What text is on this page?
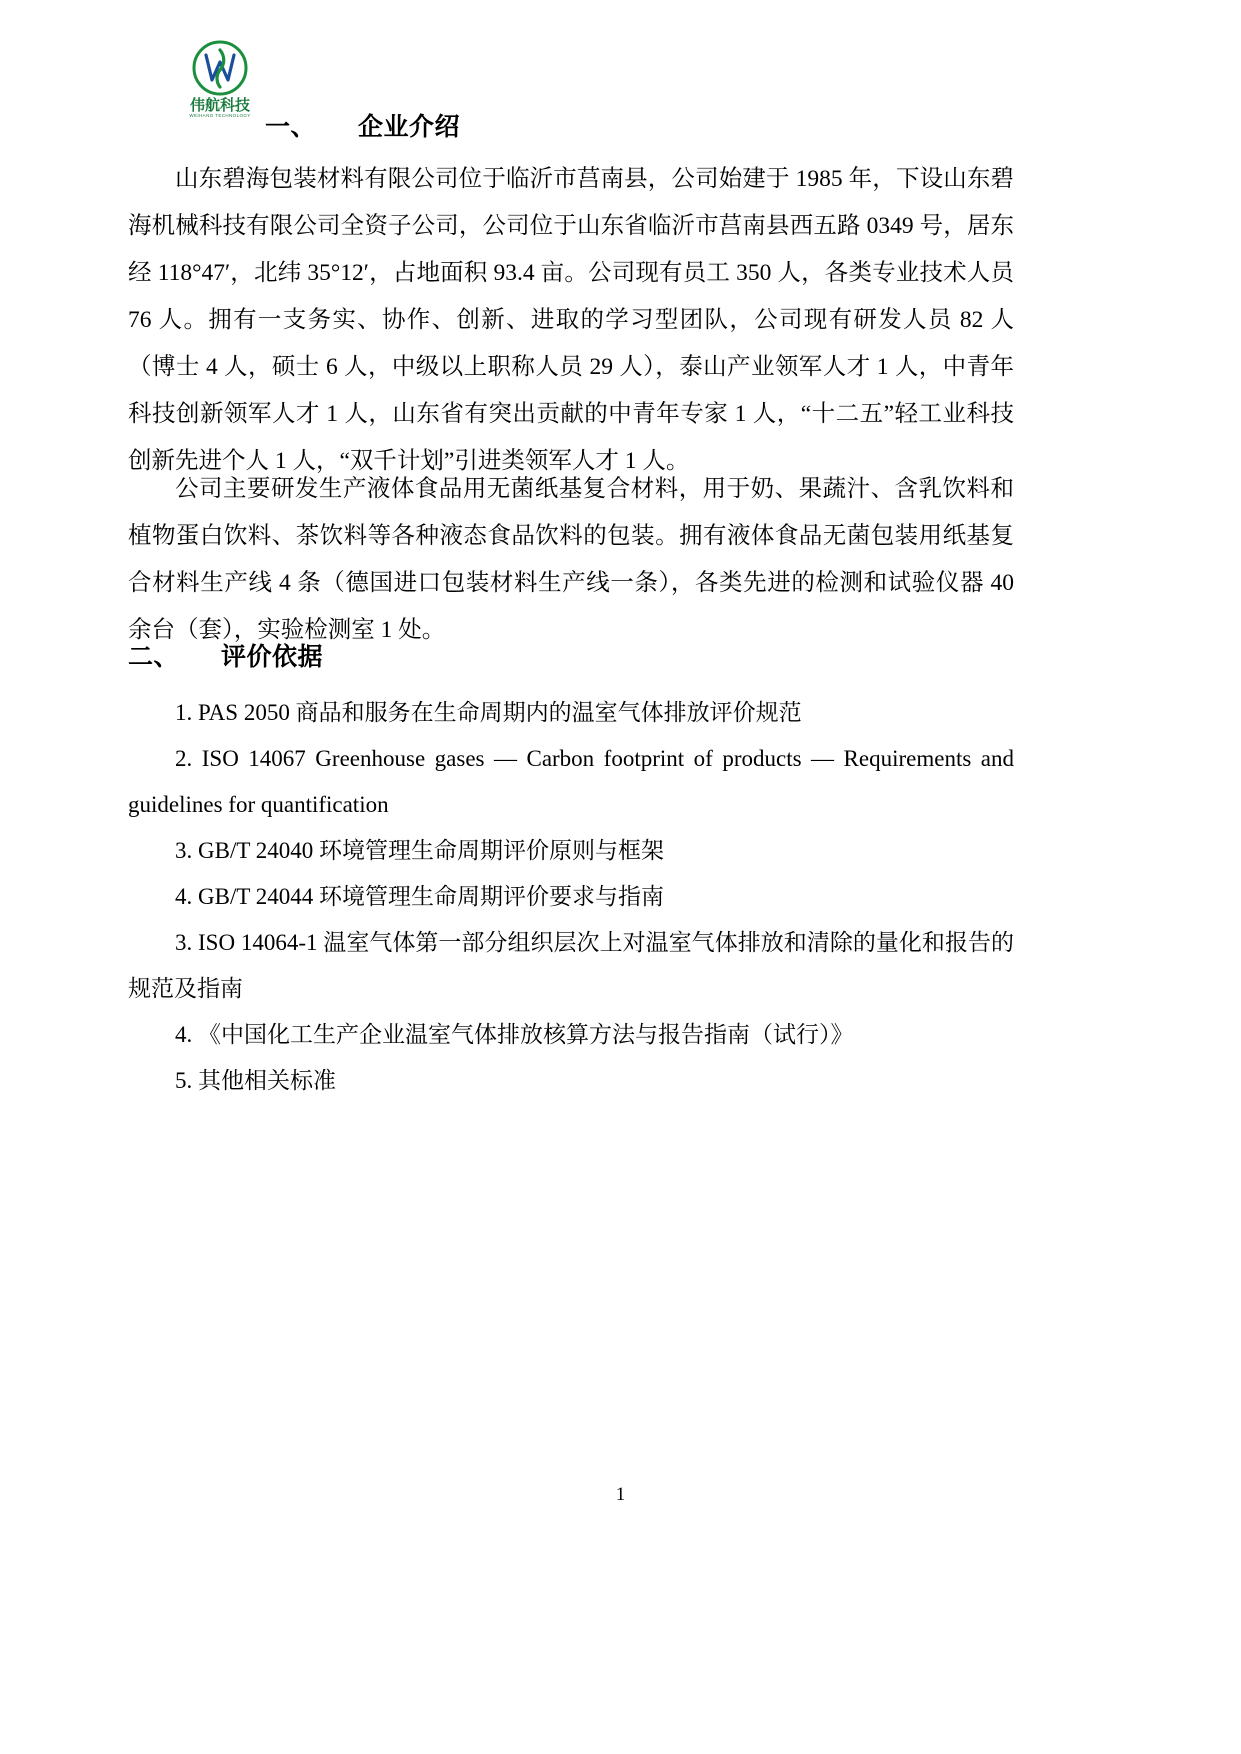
伟航科技
WEIHANG TECHNOLOGY 一、 企业介绍

山东碧海包装材料有限公司位于临沂市莒南县，公司始建于 1985 年，下设山东碧海机械科技有限公司全资子公司，公司位于山东省临沂市莒南县西五路 0349 号，居东经 118°47′，北纬 35°12′，占地面积 93.4 亩。公司现有员工 350 人，各类专业技术人员 76 人。拥有一支务实、协作、创新、进取的学习型团队，公司现有研发人员 82 人（博士 4 人，硕士 6 人，中级以上职称人员 29 人），泰山产业领军人才 1 人，中青年科技创新领军人才 1 人，山东省有突出贡献的中青年专家 1 人，“十二五”轻工业科技创新先进个人 1 人，“双千计划”引进类领军人才 1 人。

公司主要研发生产液体食品用无菌纸基复合材料，用于奶、果蔬汁、含乳饮料和植物蛋白饮料、茶饮料等各种液态食品饮料的包装。拥有液体食品无菌包装用纸基复合材料生产线 4 条（德国进口包装材料生产线一条），各类先进的检测和试验仪器 40 余台（套），实验检测室 1 处。

二、 评价依据

1. PAS 2050 商品和服务在生命周期内的温室气体排放评价规范

2. ISO 14067 Greenhouse gases — Carbon footprint of products — Requirements and guidelines for quantification

3. GB/T 24040 环境管理生命周期评价原则与框架

4. GB/T 24044 环境管理生命周期评价要求与指南

3. ISO 14064-1 温室气体第一部分组织层次上对温室气体排放和清除的量化和报告的规范及指南

4. 《中国化工生产企业温室气体排放核算方法与报告指南（试行）》

5. 其他相关标准

1
